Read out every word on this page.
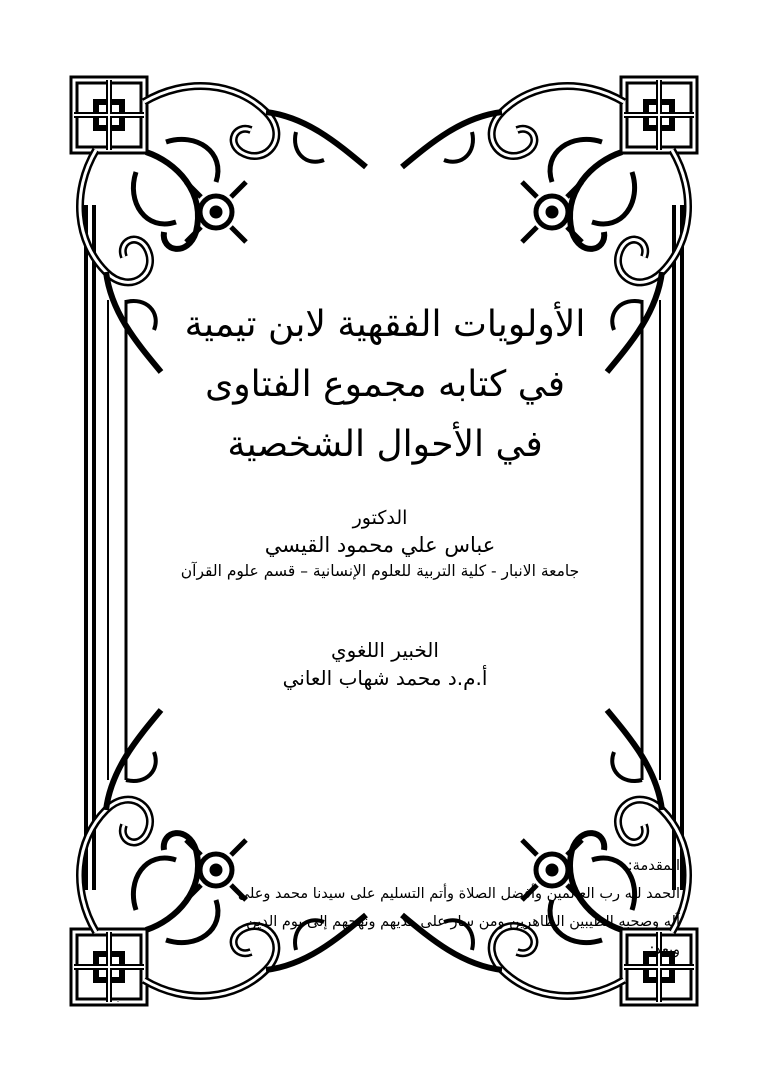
الأولويات الفقهية لابن تيمية
في كتابه مجموع الفتاوى
في الأحوال الشخصية
الدكتور
عباس علي محمود القيسي
جامعة الانبار - كلية التربية للعلوم الإنسانية – قسم علوم القرآن
الخبير اللغوي
أ.م.د محمد شهاب العاني
المقدمة:
الحمد لله رب العالمين وأفضل الصلاة وأتم التسليم على سيدنا محمد وعلى
آله وصحبه الطيبين الطاهرين ومن سار على هديهم ونهجهم إلى يوم الدين
وبعد:
